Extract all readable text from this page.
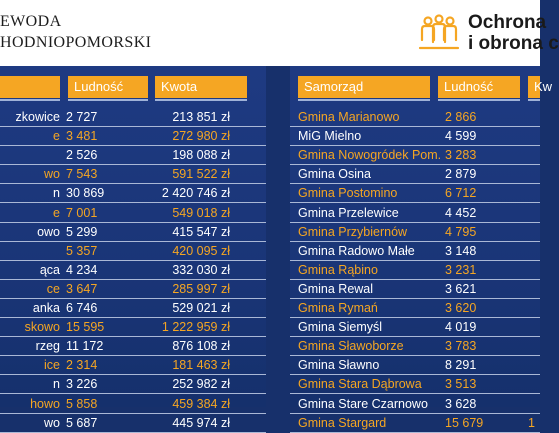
EWODA
HODNIOPOMORSKI
Ochrona
i obrona c
Ludność	Kwota	Samorząd	Ludność	Kw
zkowice 2 727	213 851 zł
e 3 481	272 980 zł
2 526	198 088 zł
wo 7 543	591 522 zł
n 30 869	2 420 746 zł
e 7 001	549 018 zł
owo 5 299	415 547 zł
5 357	420 095 zł
ąca 4 234	332 030 zł
ce 3 647	285 997 zł
anka 6 746	529 021 zł
skowo 15 595	1 222 959 zł
rzeg 11 172	876 108 zł
ice 2 314	181 463 zł
n 3 226	252 982 zł
howo 5 858	459 384 zł
wo 5 687	445 974 zł
Gmina Marianowo	2 866
MiG Mielno	4 599
Gmina Nowogródek Pom. 3 283
Gmina Osina	2 879
Gmina Postomino	6 712
Gmina Przelewice	4 452
Gmina Przybiernów	4 795
Gmina Radowo Małe 3 148
Gmina Rąbino	3 231
Gmina Rewal	3 621
Gmina Rymań	3 620
Gmina Siemyśl	4 019
Gmina Sławoborze	3 783
Gmina Sławno	8 291
Gmina Stara Dąbrowa 3 513
Gmina Stare Czarnowo 3 628
Gmina Stargard	15 679	1
